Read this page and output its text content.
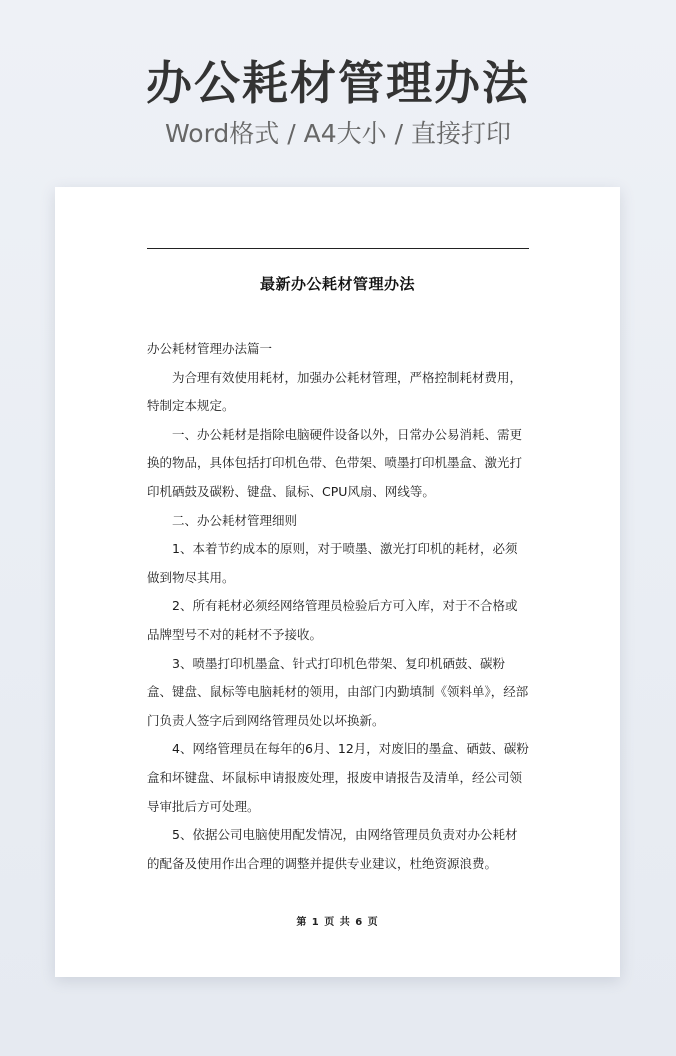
办公耗材管理办法
Word格式 / A4大小 / 直接打印
最新办公耗材管理办法

办公耗材管理办法篇一

为合理有效使用耗材，加强办公耗材管理，严格控制耗材费用，特制定本规定。

一、办公耗材是指除电脑硬件设备以外，日常办公易消耗、需更换的物品，具体包括打印机色带、色带架、喷墨打印机墨盒、激光打印机硒鼓及碳粉、键盘、鼠标、CPU风扇、网线等。

二、办公耗材管理细则

1、本着节约成本的原则，对于喷墨、激光打印机的耗材，必须做到物尽其用。

2、所有耗材必须经网络管理员检验后方可入库，对于不合格或品牌型号不对的耗材不予接收。

3、喷墨打印机墨盒、针式打印机色带架、复印机硒鼓、碳粉盒、键盘、鼠标等电脑耗材的领用，由部门内勤填制《领料单》，经部门负责人签字后到网络管理员处以坏换新。

4、网络管理员在每年的6月、12月，对废旧的墨盒、硒鼓、碳粉盒和坏键盘、坏鼠标申请报废处理，报废申请报告及清单，经公司领导审批后方可处理。

5、依据公司电脑使用配发情况，由网络管理员负责对办公耗材的配备及使用作出合理的调整并提供专业建议，杜绝资源浪费。

第 1 页 共 6 页
